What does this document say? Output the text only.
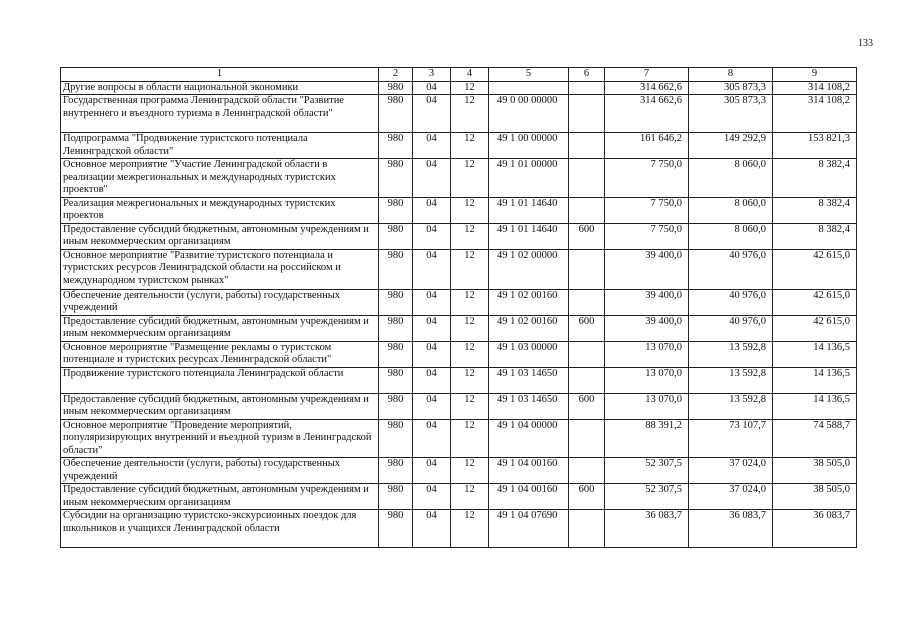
133
1	2	3	4	5	6	7	8	9
Другие вопросы в области национальной экономики	980	04	12			314 662,6	305 873,3	314 108,2
Государственная программа Ленинградской области "Развитие внутреннего и въездного туризма в Ленинградской области"	980	04	12	49 0 00 00000		314 662,6	305 873,3	314 108,2
Подпрограмма "Продвижение туристского потенциала Ленинградской области"	980	04	12	49 1 00 00000		161 646,2	149 292,9	153 821,3
Основное мероприятие "Участие Ленинградской области в реализации межрегиональных и международных туристских проектов"	980	04	12	49 1 01 00000		7 750,0	8 060,0	8 382,4
Реализация межрегиональных и международных туристских проектов	980	04	12	49 1 01 14640		7 750,0	8 060,0	8 382,4
Предоставление субсидий бюджетным, автономным учреждениям и иным некоммерческим организациям	980	04	12	49 1 01 14640	600	7 750,0	8 060,0	8 382,4
Основное мероприятие "Развитие туристского потенциала и туристских ресурсов Ленинградской области на российском и международном туристском рынках"	980	04	12	49 1 02 00000		39 400,0	40 976,0	42 615,0
Обеспечение деятельности (услуги, работы) государственных учреждений	980	04	12	49 1 02 00160		39 400,0	40 976,0	42 615,0
Предоставление субсидий бюджетным, автономным учреждениям и иным некоммерческим организациям	980	04	12	49 1 02 00160	600	39 400,0	40 976,0	42 615,0
Основное мероприятие "Размещение рекламы о туристском потенциале и туристских ресурсах Ленинградской области"	980	04	12	49 1 03 00000		13 070,0	13 592,8	14 136,5
Продвижение туристского потенциала Ленинградской области	980	04	12	49 1 03 14650		13 070,0	13 592,8	14 136,5
Предоставление субсидий бюджетным, автономным учреждениям и иным некоммерческим организациям	980	04	12	49 1 03 14650	600	13 070,0	13 592,8	14 136,5
Основное мероприятие "Проведение мероприятий, популяризирующих внутренний и въездной туризм в Ленинградской области"	980	04	12	49 1 04 00000		88 391,2	73 107,7	74 588,7
Обеспечение деятельности (услуги, работы) государственных учреждений	980	04	12	49 1 04 00160		52 307,5	37 024,0	38 505,0
Предоставление субсидий бюджетным, автономным учреждениям и иным некоммерческим организациям	980	04	12	49 1 04 00160	600	52 307,5	37 024,0	38 505,0
Субсидии на организацию туристско-экскурсионных поездок для школьников и учащихся Ленинградской области	980	04	12	49 1 04 07690		36 083,7	36 083,7	36 083,7
